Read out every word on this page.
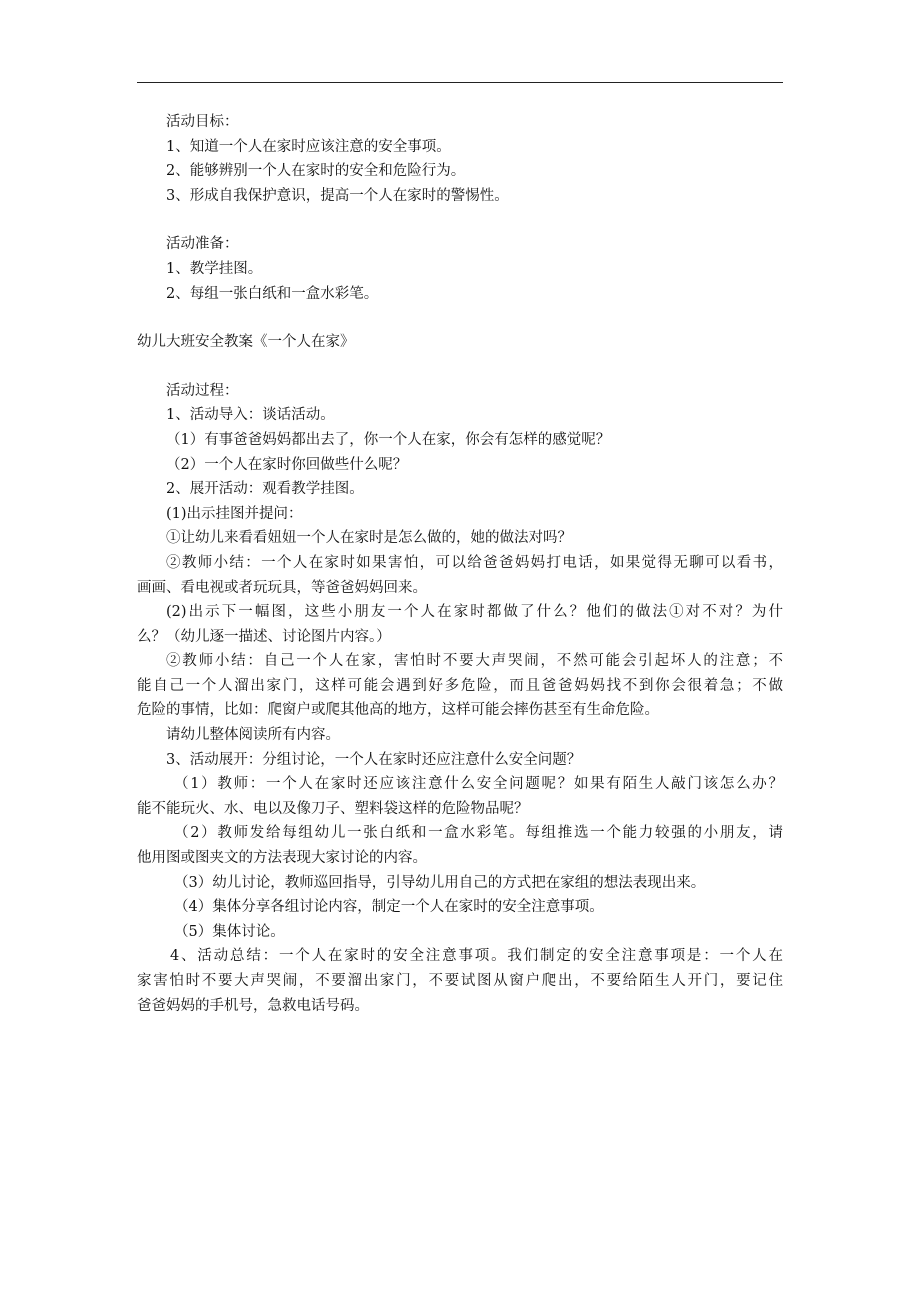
活动目标：
1、知道一个人在家时应该注意的安全事项。
2、能够辨别一个人在家时的安全和危险行为。
3、形成自我保护意识，提高一个人在家时的警惕性。
活动准备：
1、教学挂图。
2、每组一张白纸和一盒水彩笔。
幼儿大班安全教案《一个人在家》
活动过程：
1、活动导入：谈话活动。
（1）有事爸爸妈妈都出去了，你一个人在家，你会有怎样的感觉呢？
（2）一个人在家时你回做些什么呢？
2、展开活动：观看教学挂图。
(1)出示挂图并提问：
①让幼儿来看看妞妞一个人在家时是怎么做的，她的做法对吗？
②教师小结：一个人在家时如果害怕，可以给爸爸妈妈打电话，如果觉得无聊可以看书，
画画、看电视或者玩玩具，等爸爸妈妈回来。
(2)出示下一幅图，这些小朋友一个人在家时都做了什么？他们的做法①对不对？为什
么？（幼儿逐一描述、讨论图片内容。）
②教师小结：自己一个人在家，害怕时不要大声哭闹，不然可能会引起坏人的注意；不
能自己一个人溜出家门，这样可能会遇到好多危险，而且爸爸妈妈找不到你会很着急；不做
危险的事情，比如：爬窗户或爬其他高的地方，这样可能会摔伤甚至有生命危险。
请幼儿整体阅读所有内容。
3、活动展开：分组讨论，一个人在家时还应注意什么安全问题？
（1）教师：一个人在家时还应该注意什么安全问题呢？如果有陌生人敲门该怎么办？
能不能玩火、水、电以及像刀子、塑料袋这样的危险物品呢？
（2）教师发给每组幼儿一张白纸和一盒水彩笔。每组推选一个能力较强的小朋友，请
他用图或图夹文的方法表现大家讨论的内容。
（3）幼儿讨论，教师巡回指导，引导幼儿用自己的方式把在家组的想法表现出来。
（4）集体分享各组讨论内容，制定一个人在家时的安全注意事项。
（5）集体讨论。
4、活动总结：一个人在家时的安全注意事项。我们制定的安全注意事项是：一个人在
家害怕时不要大声哭闹，不要溜出家门，不要试图从窗户爬出，不要给陌生人开门，要记住
爸爸妈妈的手机号，急救电话号码。
